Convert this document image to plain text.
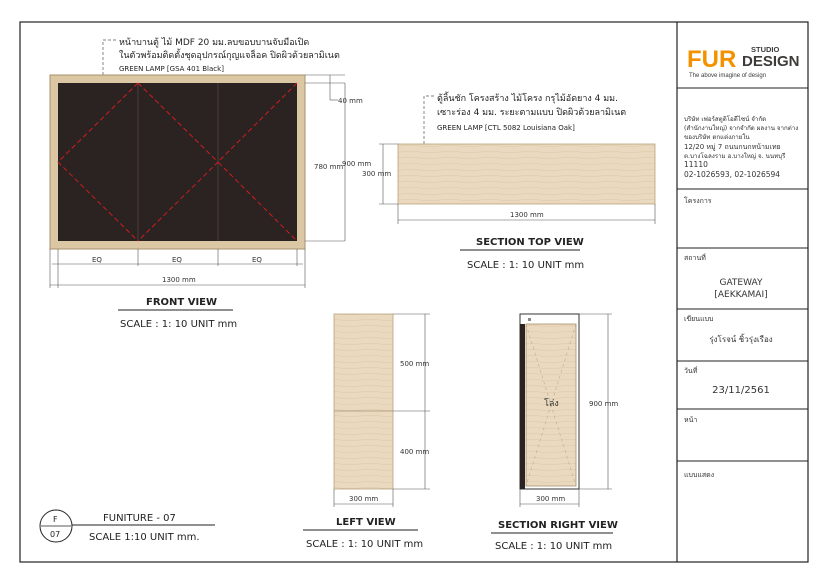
หน้าบานตู้ ไม้ MDF 20 มม.ลบขอบบานจับมือเปิด
ในตัวพร้อมติดตั้งชุดอุปกรณ์กุญแจล็อค ปิดผิวด้วยลามิเนต
GREEN LAMP [GSA 401 Black]
40 mm
780 mm
EQ	EQ	EQ
1300 mm
FRONT VIEW
SCALE : 1: 10 UNIT mm
ตู้ลิ้นชัก โครงสร้าง ไม้โครง กรุไม้อัดยาง 4 มม.
เซาะร่อง 4 มม. ระยะตามแบบ ปิดผิวด้วยลามิเนต
GREEN LAMP [CTL 5082 Louisiana Oak]
900 mm
300 mm
1300 mm
SECTION TOP VIEW
SCALE : 1: 10 UNIT mm
500 mm
400 mm
300 mm
LEFT VIEW
SCALE : 1: 10 UNIT mm
โล่ง	900 mm
300 mm
SECTION RIGHT VIEW
SCALE : 1: 10 UNIT mm
F
07
FUNITURE - 07
SCALE 1:10 UNIT mm.
FUR STUDIO
DESIGN
The above imagine of design
บริษัท เฟอร์สตูดิโอดีไซน์ จำกัด
(สำนักงานใหญ่) จากจำกัด ผลงาน จากต่าง
ของบริษัท ตกแต่งภายใน
12/20 หมู่ 7 ถนนกนกหน้ามเทย
ต.บางโฉลงราม อ.บางใหญ่ จ. นนทบุรี
11110
02-1026593, 02-1026594
โครงการ
สถานที่
GATEWAY
[AEKKAMAI]
เขียนแบบ
รุ่งโรจน์ ชิ้วรุ่งเรือง
วันที่
23/11/2561
หน้า
แบบแสดง
